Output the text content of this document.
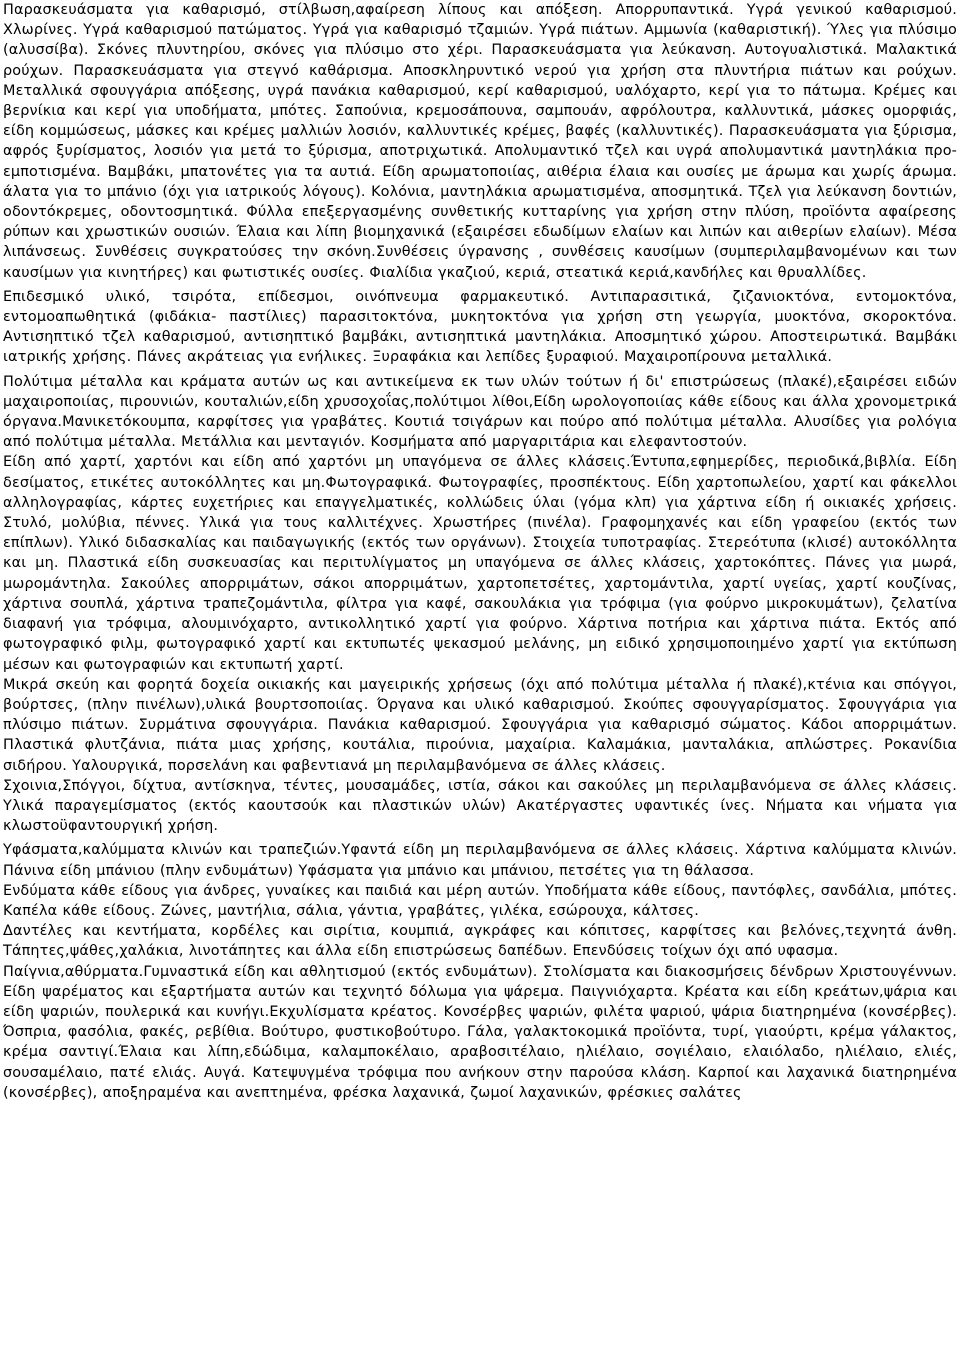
Παρασκευάσματα για καθαρισμό, στίλβωση,αφαίρεση λίπους και απόξεση. Απορρυπαντικά. Υγρά γενικού καθαρισμού. Χλωρίνες. Υγρά καθαρισμού πατώματος. Υγρά για καθαρισμό τζαμιών. Υγρά πιάτων. Αμμωνία (καθαριστική). Ύλες για πλύσιμο (αλυσσίβα). Σκόνες πλυντηρίου, σκόνες για πλύσιμο στο χέρι. Παρασκευάσματα για λεύκανση. Αυτογυαλιστικά. Μαλακτικά ρούχων. Παρασκευάσματα για στεγνό καθάρισμα. Αποσκληρυντικό νερού για χρήση στα πλυντήρια πιάτων και ρούχων. Μεταλλικά σφουγγάρια απόξεσης, υγρά πανάκια καθαρισμού, κερί καθαρισμού, υαλόχαρτο, κερί για το πάτωμα. Κρέμες και βερνίκια και κερί για υποδήματα, μπότες. Σαπούνια, κρεμοσάπουνα, σαμπουάν, αφρόλουτρα, καλλυντικά, μάσκες ομορφιάς, είδη κομμώσεως, μάσκες και κρέμες μαλλιών λοσιόν, καλλυντικές κρέμες, βαφές (καλλυντικές). Παρασκευάσματα για ξύρισμα, αφρός ξυρίσματος, λοσιόν για μετά το ξύρισμα, αποτριχωτικά. Απολυμαντικό τζελ και υγρά απολυμαντικά μαντηλάκια προ-εμποτισμένα. Βαμβάκι, μπατονέτες για τα αυτιά. Είδη αρωματοποιίας, αιθέρια έλαια και ουσίες με άρωμα και χωρίς άρωμα. άλατα για το μπάνιο (όχι για ιατρικούς λόγους). Κολόνια, μαντηλάκια αρωματισμένα, αποσμητικά. Τζελ για λεύκανση δοντιών, οδοντόκρεμες, οδοντοσμητικά. Φύλλα επεξεργασμένης συνθετικής κυτταρίνης για χρήση στην πλύση, προϊόντα αφαίρεσης ρύπων και χρωστικών ουσιών. Έλαια και λίπη βιομηχανικά (εξαιρέσει εδωδίμων ελαίων και λιπών και αιθερίων ελαίων). Μέσα λιπάνσεως. Συνθέσεις συγκρατούσες την σκόνη.Συνθέσεις ύγρανσης , συνθέσεις καυσίμων (συμπεριλαμβανομένων και των καυσίμων για κινητήρες) και φωτιστικές ουσίες. Φιαλίδια γκαζιού, κεριά, στεατικά κεριά,κανδήλες και θρυαλλίδες.

Επιδεσμικό υλικό, τσιρότα, επίδεσμοι, οινόπνευμα φαρμακευτικό. Αντιπαρασιτικά, ζιζανιοκτόνα, εντομοκτόνα, εντομοαπωθητικά (φιδάκια- παστίλιες) παρασιτοκτόνα, μυκητοκτόνα για χρήση στη γεωργία, μυοκτόνα, σκοροκτόνα. Αντισηπτικό τζελ καθαρισμού, αντισηπτικό βαμβάκι, αντισηπτικά μαντηλάκια. Αποσμητικό χώρου. Αποστειρωτικά. Βαμβάκι ιατρικής χρήσης. Πάνες ακράτειας για ενήλικες. Ξυραφάκια και λεπίδες ξυραφιού. Μαχαιροπίρουνα μεταλλικά.

Πολύτιμα μέταλλα και κράματα αυτών ως και αντικείμενα εκ των υλών τούτων ή δι' επιστρώσεως (πλακέ),εξαιρέσει ειδών μαχαιροποιίας, πιρουνιών, κουταλιών,είδη χρυσοχοΐας,πολύτιμοι λίθοι,Είδη ωρολογοποιίας κάθε είδους και άλλα χρονομετρικά όργανα.Μανικετόκουμπα, καρφίτσες για γραβάτες. Κουτιά τσιγάρων και πούρο από πολύτιμα μέταλλα. Αλυσίδες για ρολόγια από πολύτιμα μέταλλα. Μετάλλια και μενταγιόν. Κοσμήματα από μαργαριτάρια και ελεφαντοστούν.

Είδη από χαρτί, χαρτόνι και είδη από χαρτόνι μη υπαγόμενα σε άλλες κλάσεις.Έντυπα,εφημερίδες, περιοδικά,βιβλία. Είδη δεσίματος, ετικέτες αυτοκόλλητες και μη.Φωτογραφικά. Φωτογραφίες, προσπέκτους. Είδη χαρτοπωλείου, χαρτί και φάκελλοι αλληλογραφίας, κάρτες ευχετήριες και επαγγελματικές, κολλώδεις ύλαι (γόμα κλπ) για χάρτινα είδη ή οικιακές χρήσεις. Στυλό, μολύβια, πέννες. Υλικά για τους καλλιτέχνες. Χρωστήρες (πινέλα). Γραφομηχανές και είδη γραφείου (εκτός των επίπλων). Υλικό διδασκαλίας και παιδαγωγικής (εκτός των οργάνων). Στοιχεία τυποτραφίας. Στερεότυπα (κλισέ) αυτοκόλλητα και μη. Πλαστικά είδη συσκευασίας και περιτυλίγματος μη υπαγόμενα σε άλλες κλάσεις, χαρτοκόπτες. Πάνες για μωρά, μωρομάντηλα. Σακούλες απορριμάτων, σάκοι απορριμάτων, χαρτοπετσέτες, χαρτομάντιλα, χαρτί υγείας, χαρτί κουζίνας, χάρτινα σουπλά, χάρτινα τραπεζομάντιλα, φίλτρα για καφέ, σακουλάκια για τρόφιμα (για φούρνο μικροκυμάτων), ζελατίνα διαφανή για τρόφιμα, αλουμινόχαρτο, αντικολλητικό χαρτί για φούρνο. Χάρτινα ποτήρια και χάρτινα πιάτα. Εκτός από φωτογραφικό φιλμ, φωτογραφικό χαρτί και εκτυπωτές ψεκασμού μελάνης, μη ειδικό χρησιμοποιημένο χαρτί για εκτύπωση μέσων και φωτογραφιών και εκτυπωτή χαρτί.

Μικρά σκεύη και φορητά δοχεία οικιακής και μαγειρικής χρήσεως (όχι από πολύτιμα μέταλλα ή πλακέ),κτένια και σπόγγοι, βούρτσες, (πλην πινέλων),υλικά βουρτσοποιίας. Όργανα και υλικό καθαρισμού. Σκούπες σφουγγαρίσματος. Σφουγγάρια για πλύσιμο πιάτων. Συρμάτινα σφουγγάρια. Πανάκια καθαρισμού. Σφουγγάρια για καθαρισμό σώματος. Κάδοι απορριμάτων. Πλαστικά φλυτζάνια, πιάτα μιας χρήσης, κουτάλια, πιρούνια, μαχαίρια. Καλαμάκια, μανταλάκια, απλώστρες. Ροκανίδια σιδήρου. Υαλουργικά, πορσελάνη και φαβεντιανά μη περιλαμβανόμενα σε άλλες κλάσεις.

Σχοινια,Σπόγγοι, δίχτυα, αντίσκηνα, τέντες, μουσαμάδες, ιστία, σάκοι και σακούλες μη περιλαμβανόμενα σε άλλες κλάσεις. Υλικά παραγεμίσματος (εκτός καουτσούκ και πλαστικών υλών) Ακατέργαστες υφαντικές ίνες. Νήματα και νήματα για κλωστοϋφαντουργική χρήση.

Υφάσματα,καλύμματα κλινών και τραπεζιών.Υφαντά είδη μη περιλαμβανόμενα σε άλλες κλάσεις. Χάρτινα καλύμματα κλινών. Πάνινα είδη μπάνιου (πλην ενδυμάτων) Υφάσματα για μπάνιο και μπάνιου, πετσέτες για τη θάλασσα.

Ενδύματα κάθε είδους για άνδρες, γυναίκες και παιδιά και μέρη αυτών. Υποδήματα κάθε είδους, παντόφλες, σανδάλια, μπότες. Καπέλα κάθε είδους. Ζώνες, μαντήλια, σάλια, γάντια, γραβάτες, γιλέκα, εσώρουχα, κάλτσες.

Δαντέλες και κεντήματα, κορδέλες και σιρίτια, κουμπιά, αγκράφες και κόπιτσες, καρφίτσες και βελόνες,τεχνητά άνθη. Τάπητες,ψάθες,χαλάκια, λινοτάπητες και άλλα είδη επιστρώσεως δαπέδων. Επενδύσεις τοίχων όχι από υφασμα.

Παίγνια,αθύρματα.Γυμναστικά είδη και αθλητισμού (εκτός ενδυμάτων). Στολίσματα και διακοσμήσεις δένδρων Χριστουγέννων. Είδη ψαρέματος και εξαρτήματα αυτών και τεχνητό δόλωμα για ψάρεμα. Παιγνιόχαρτα. Κρέατα και είδη κρεάτων,ψάρια και είδη ψαριών, πουλερικά και κυνήγι.Εκχυλίσματα κρέατος. Κονσέρβες ψαριών, φιλέτα ψαριού, ψάρια διατηρημένα (κονσέρβες). Όσπρια, φασόλια, φακές, ρεβίθια. Βούτυρο, φυστικοβούτυρο. Γάλα, γαλακτοκομικά προϊόντα, τυρί, γιαούρτι, κρέμα γάλακτος, κρέμα σαντιγί.Έλαια και λίπη,εδώδιμα, καλαμποκέλαιο, αραβοσιτέλαιο, ηλιέλαιο, σογιέλαιο, ελαιόλαδο, ηλιέλαιο, ελιές, σουσαμέλαιο, πατέ ελιάς. Αυγά. Κατεψυγμένα τρόφιμα που ανήκουν στην παρούσα κλάση. Καρποί και λαχανικά διατηρημένα (κονσέρβες), αποξηραμένα και ανεπτημένα, φρέσκα λαχανικά, ζωμοί λαχανικών, φρέσκιες σαλάτες
